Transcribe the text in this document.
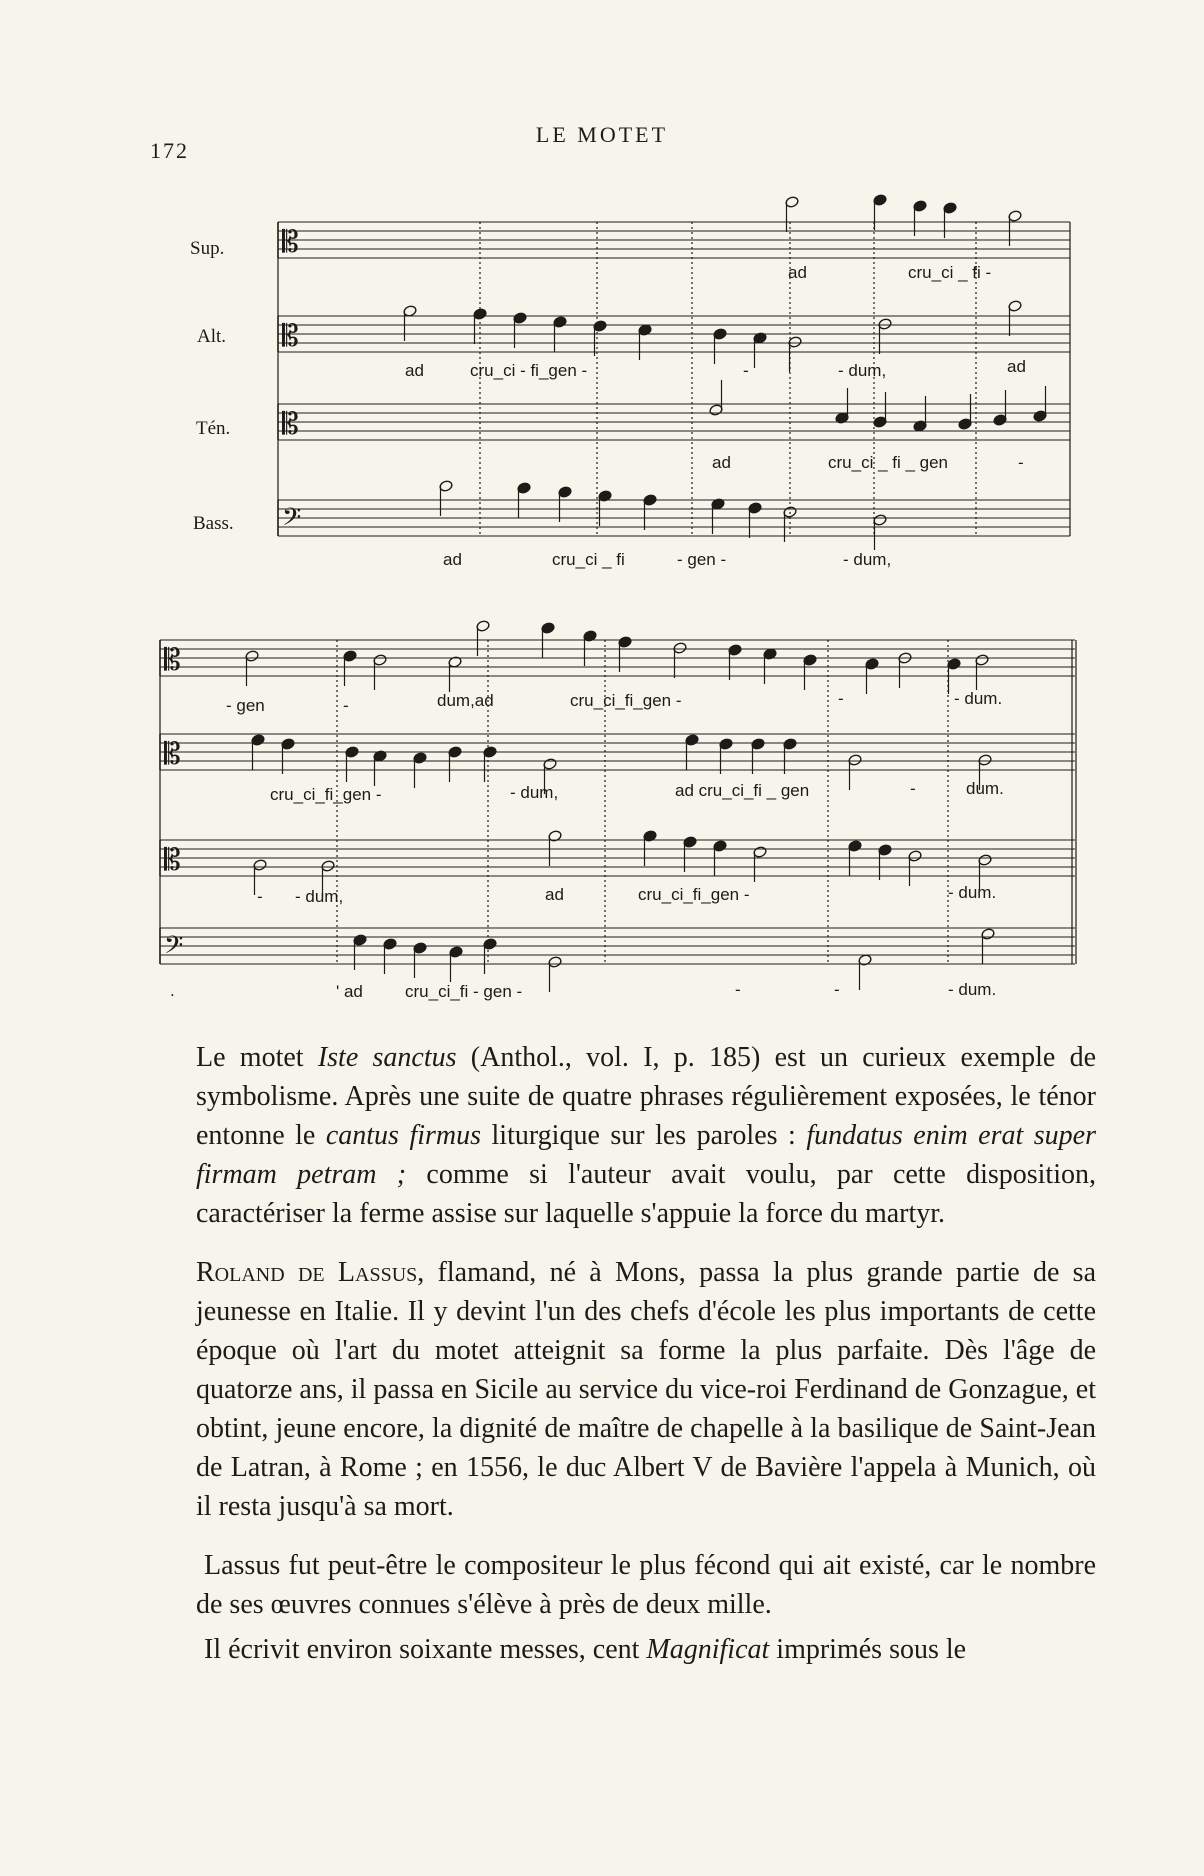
172
LE MOTET
Sup.
Alt.
Tén.
Bass.
𝄡
𝄡
𝄡
𝄢
𝄡
𝄡
𝄡
𝄢
ad	cru_ci _ fi -
ad	cru_ci - fi_gen -	-	- dum,	ad
ad	cru_ci _ fi _ gen	-
ad	cru_ci _ fi	- gen -	- dum,
- gen	-	dum,ad	cru_ci_fi_gen -	-	- dum.
cru_ci_fi_gen -	- dum,	ad cru_ci_fi _ gen	-	dum.
- - dum,	ad	cru_ci_fi_gen -	- dum.
.	' ad cru_ci_fi - gen -	-	-	- dum.

Le motet Iste sanctus (Anthol., vol. I, p. 185) est un curieux exemple de symbolisme. Après une suite de quatre phrases régulièrement exposées, le ténor entonne le cantus firmus liturgique sur les paroles : fundatus enim erat super firmam petram ; comme si l'auteur avait voulu, par cette disposition, caractériser la ferme assise sur laquelle s'appuie la force du martyr.

Roland de Lassus, flamand, né à Mons, passa la plus grande partie de sa jeunesse en Italie. Il y devint l'un des chefs d'école les plus importants de cette époque où l'art du motet atteignit sa forme la plus parfaite. Dès l'âge de quatorze ans, il passa en Sicile au service du vice-roi Ferdinand de Gonzague, et obtint, jeune encore, la dignité de maître de chapelle à la basilique de Saint-Jean de Latran, à Rome ; en 1556, le duc Albert V de Bavière l'appela à Munich, où il resta jusqu'à sa mort.

Lassus fut peut-être le compositeur le plus fécond qui ait existé, car le nombre de ses œuvres connues s'élève à près de deux mille.

Il écrivit environ soixante messes, cent Magnificat imprimés sous le
